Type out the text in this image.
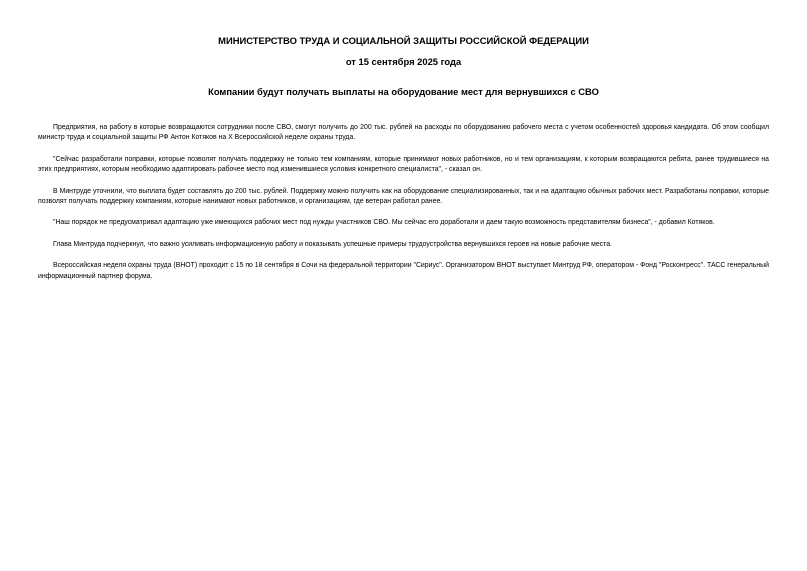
МИНИСТЕРСТВО ТРУДА И СОЦИАЛЬНОЙ ЗАЩИТЫ РОССИЙСКОЙ ФЕДЕРАЦИИ
от 15 сентября 2025 года
Компании будут получать выплаты на оборудование мест для вернувшихся с СВО

Предприятия, на работу в которые возвращаются сотрудники после СВО, смогут получить до 200 тыс. рублей на расходы по оборудованию рабочего места с учетом особенностей здоровья кандидата. Об этом сообщил министр труда и социальной защиты РФ Антон Котяков на X Всероссийской неделе охраны труда.

"Сейчас разработали поправки, которые позволят получать поддержку не только тем компаниям, которые принимают новых работников, но и тем организациям, к которым возвращаются ребята, ранее трудившиеся на этих предприятиях, которым необходимо адаптировать рабочее место под изменившиеся условия конкретного специалиста", - сказал он.

В Минтруде уточнили, что выплата будет составлять до 200 тыс. рублей. Поддержку можно получить как на оборудование специализированных, так и на адаптацию обычных рабочих мест. Разработаны поправки, которые позволят получать поддержку компаниям, которые нанимают новых работников, и организациям, где ветеран работал ранее.

"Наш порядок не предусматривал адаптацию уже имеющихся рабочих мест под нужды участников СВО. Мы сейчас его доработали и даем такую возможность представителям бизнеса", - добавил Котяков.

Глава Минтруда подчеркнул, что важно усиливать информационную работу и показывать успешные примеры трудоустройства вернувшихся героев на новые рабочие места.

Всероссийская неделя охраны труда (ВНОТ) проходит с 15 по 18 сентября в Сочи на федеральной территории "Сириус". Организатором ВНОТ выступает Минтруд РФ, оператором - Фонд "Росконгресс". ТАСС генеральный информационный партнер форума.
